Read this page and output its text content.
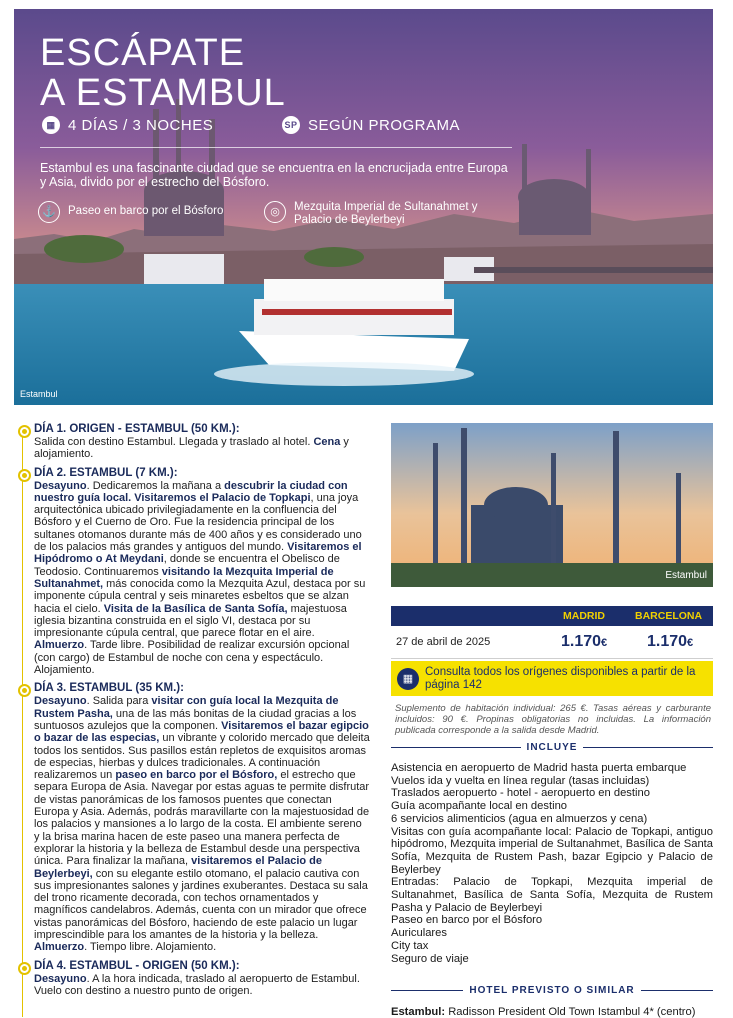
ESCÁPATE
A ESTAMBUL
▦ 4 DÍAS / 3 NOCHES	SP SEGÚN PROGRAMA
Estambul es una fascinante ciudad que se encuentra en la encrucijada entre Europa y Asia, divido por el estrecho del Bósforo.
⚓	Paseo en barco por el Bósforo	◎	Mezquita Imperial de Sultanahmet y Palacio de Beylerbeyi
Estambul
DÍA 1. ORIGEN - ESTAMBUL (50 KM.):
Salida con destino Estambul. Llegada y traslado al hotel. Cena y alojamiento.
DÍA 2. ESTAMBUL (7 KM.):
Desayuno. Dedicaremos la mañana a descubrir la ciudad con nuestro guía local. Visitaremos el Palacio de Topkapi, una joya arquitectónica ubicado privilegiadamente en la confluencia del Bósforo y el Cuerno de Oro. Fue la residencia principal de los sultanes otomanos durante más de 400 años y es considerado uno de los palacios más grandes y antiguos del mundo. Visitaremos el Hipódromo o At Meydani, donde se encuentra el Obelisco de Teodosio. Continuaremos visitando la Mezquita Imperial de Sultanahmet, más conocida como la Mezquita Azul, destaca por su imponente cúpula central y seis minaretes esbeltos que se alzan hacia el cielo. Visita de la Basílica de Santa Sofía, majestuosa iglesia bizantina construida en el siglo VI, destaca por su impresionante cúpula central, que parece flotar en el aire. Almuerzo. Tarde libre. Posibilidad de realizar excursión opcional (con cargo) de Estambul de noche con cena y espectáculo. Alojamiento.
DÍA 3. ESTAMBUL (35 KM.):
Desayuno. Salida para visitar con guía local la Mezquita de Rustem Pasha, una de las más bonitas de la ciudad gracias a los suntuosos azulejos que la componen. Visitaremos el bazar egipcio o bazar de las especias, un vibrante y colorido mercado que deleita todos los sentidos. Sus pasillos están repletos de exquisitos aromas de especias, hierbas y dulces tradicionales. A continuación realizaremos un paseo en barco por el Bósforo, el estrecho que separa Europa de Asia. Navegar por estas aguas te permite disfrutar de vistas panorámicas de los famosos puentes que conectan Europa y Asia. Además, podrás maravillarte con la majestuosidad de los palacios y mansiones a lo largo de la costa. El ambiente sereno y la brisa marina hacen de este paseo una manera perfecta de explorar la historia y la belleza de Estambul desde una perspectiva única. Para finalizar la mañana, visitaremos el Palacio de Beylerbeyi, con su elegante estilo otomano, el palacio cautiva con sus impresionantes salones y jardines exuberantes. Destaca su sala del trono ricamente decorada, con techos ornamentados y magníficos candelabros. Además, cuenta con un mirador que ofrece vistas panorámicas del Bósforo, haciendo de este palacio un lugar imprescindible para los amantes de la historia y la belleza. Almuerzo. Tiempo libre. Alojamiento.
DÍA 4. ESTAMBUL - ORIGEN (50 KM.):
Desayuno. A la hora indicada, traslado al aeropuerto de Estambul. Vuelo con destino a nuestro punto de origen.
Estambul
MADRID	BARCELONA
27 de abril de 2025	1.170€ 1.170€
▦
Consulta todos los orígenes disponibles a partir de la página 142
Suplemento de habitación individual: 265 €. Tasas aéreas y carburante incluidos: 90 €. Propinas obligatorias no incluidas. La información publicada corresponde a la salida desde Madrid.
INCLUYE
Asistencia en aeropuerto de Madrid hasta puerta embarque
Vuelos ida y vuelta en línea regular (tasas incluidas)
Traslados aeropuerto - hotel - aeropuerto en destino
Guía acompañante local en destino
6 servicios alimenticios (agua en almuerzos y cena)
Visitas con guía acompañante local: Palacio de Topkapi, antiguo hipódromo, Mezquita imperial de Sultanahmet, Basílica de Santa Sofía, Mezquita de Rustem Pash, bazar Egipcio y Palacio de Beylerbey
Entradas: Palacio de Topkapi, Mezquita imperial de Sultanahmet, Basílica de Santa Sofía, Mezquita de Rustem Pasha y Palacio de Beylerbeyi
Paseo en barco por el Bósforo
Auriculares
City tax
Seguro de viaje
HOTEL PREVISTO O SIMILAR
Estambul: Radisson President Old Town Istambul 4* (centro)
